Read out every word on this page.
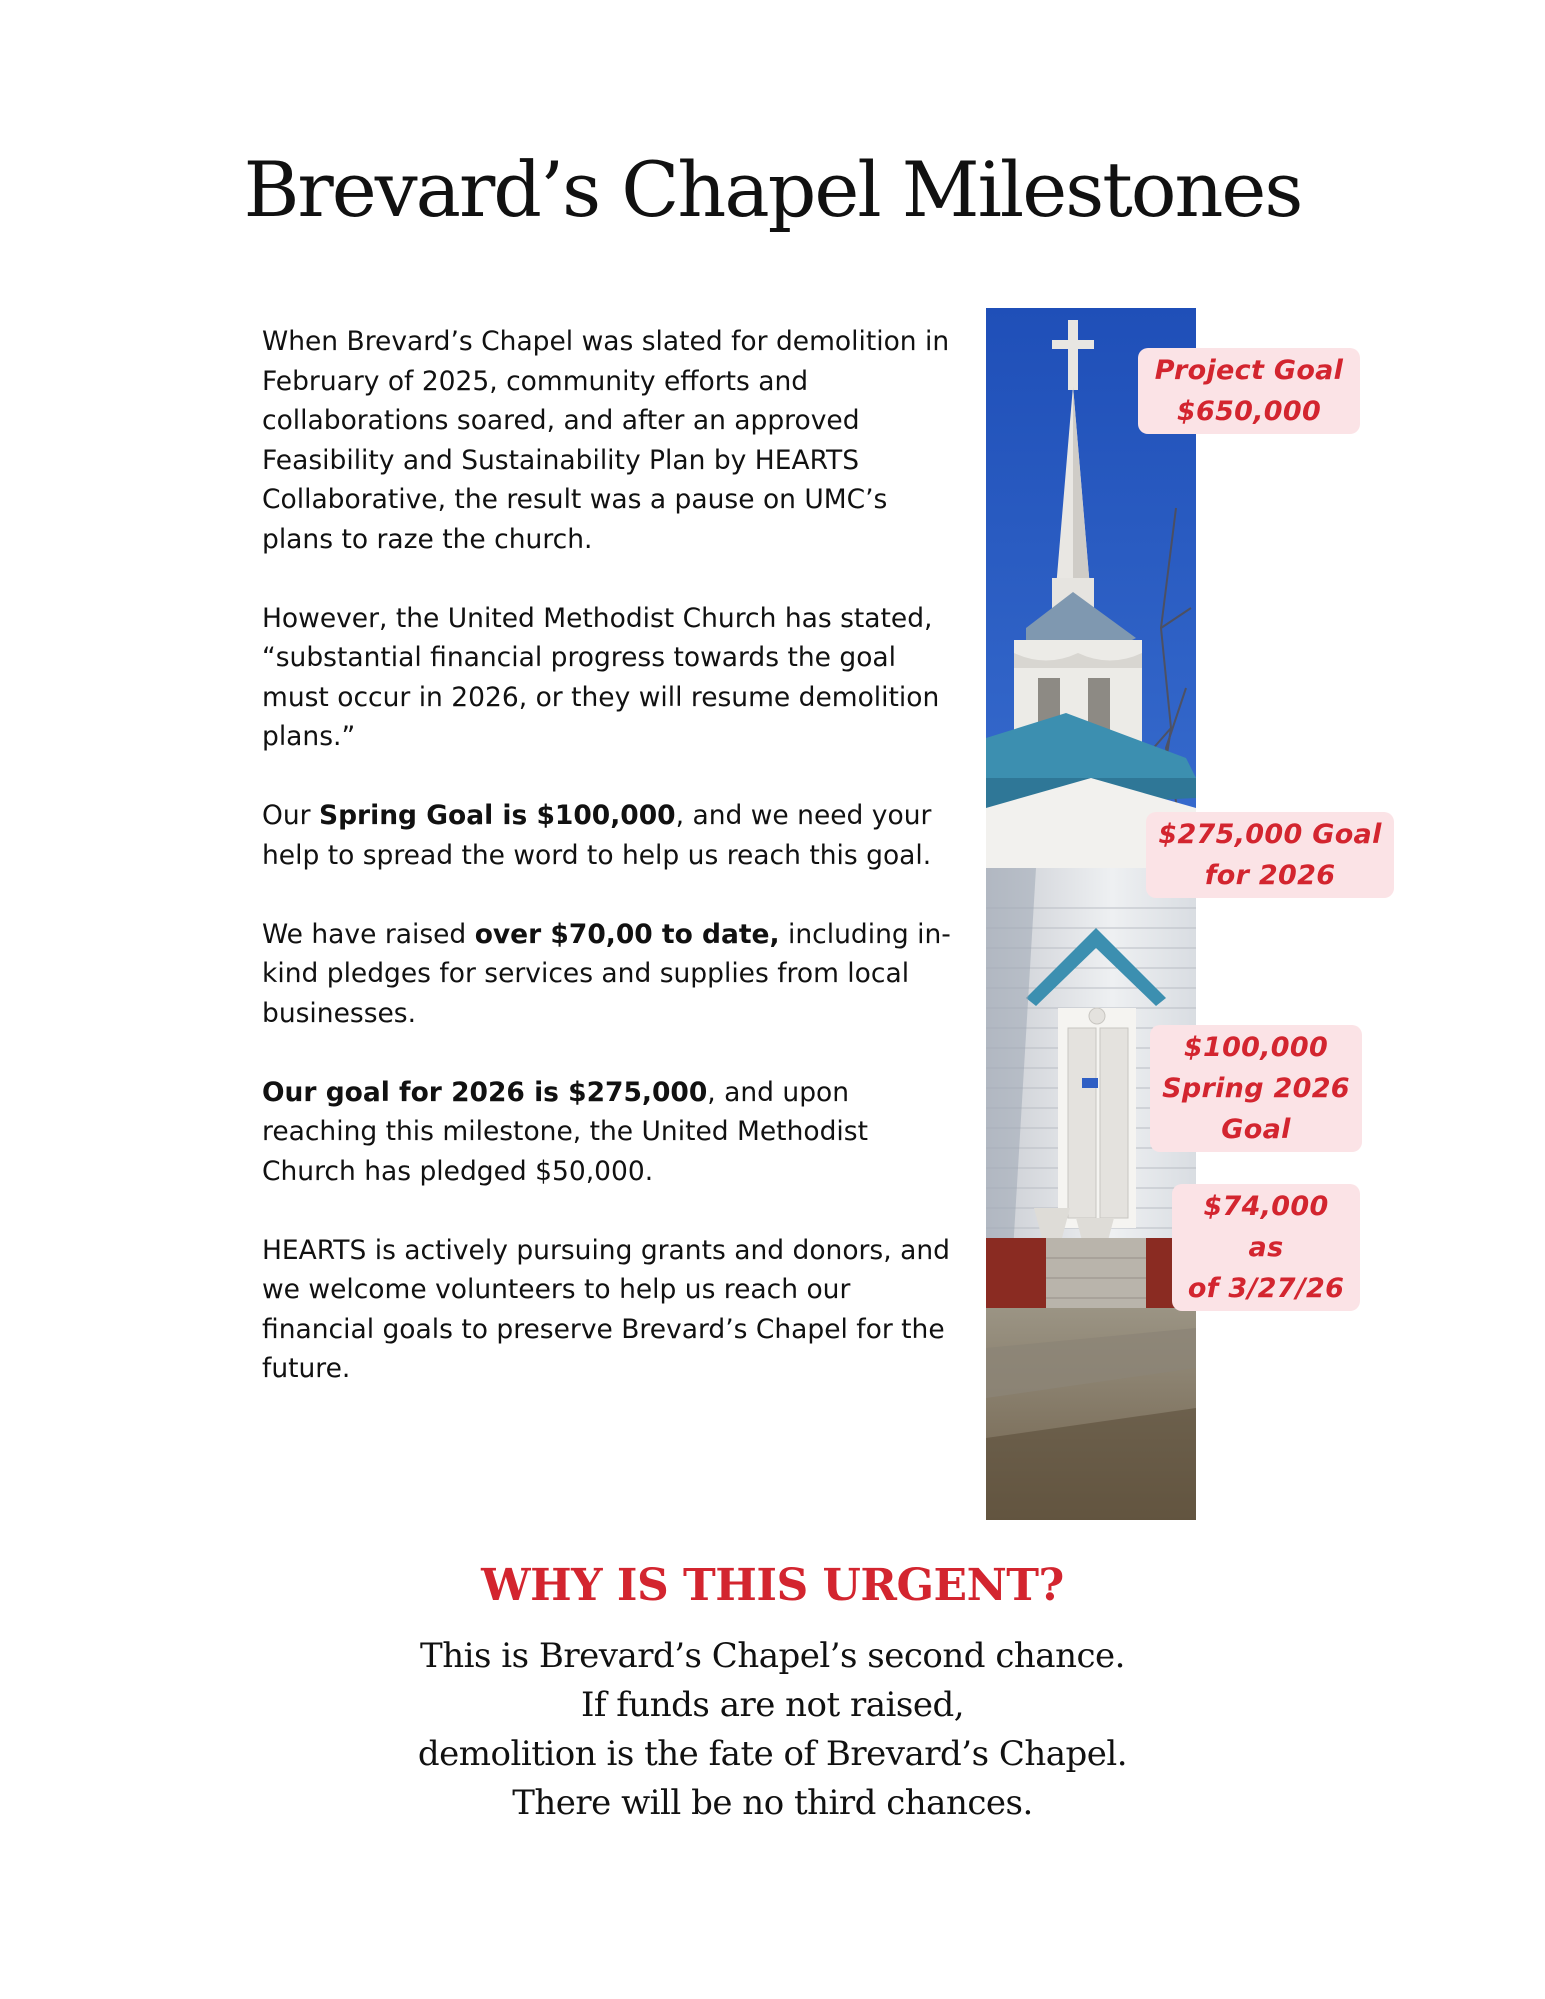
Brevard’s Chapel Milestones

When Brevard’s Chapel was slated for demolition in February of 2025, community efforts and collaborations soared, and after an approved Feasibility and Sustainability Plan by HEARTS Collaborative, the result was a pause on UMC’s plans to raze the church.

However, the United Methodist Church has stated, “substantial financial progress towards the goal must occur in 2026, or they will resume demolition plans.”

Our Spring Goal is $100,000, and we need your help to spread the word to help us reach this goal.

We have raised over $70,00 to date, including in-kind pledges for services and supplies from local businesses.

Our goal for 2026 is $275,000, and upon reaching this milestone, the United Methodist Church has pledged $50,000.

HEARTS is actively pursuing grants and donors, and we welcome volunteers to help us reach our financial goals to preserve Brevard’s Chapel for the future.

Project Goal
$650,000
$275,000 Goal
for 2026
$100,000
Spring 2026
Goal
$74,000 as
of 3/27/26
WHY IS THIS URGENT?
This is Brevard’s Chapel’s second chance.
If funds are not raised,
demolition is the fate of Brevard’s Chapel.
There will be no third chances.
